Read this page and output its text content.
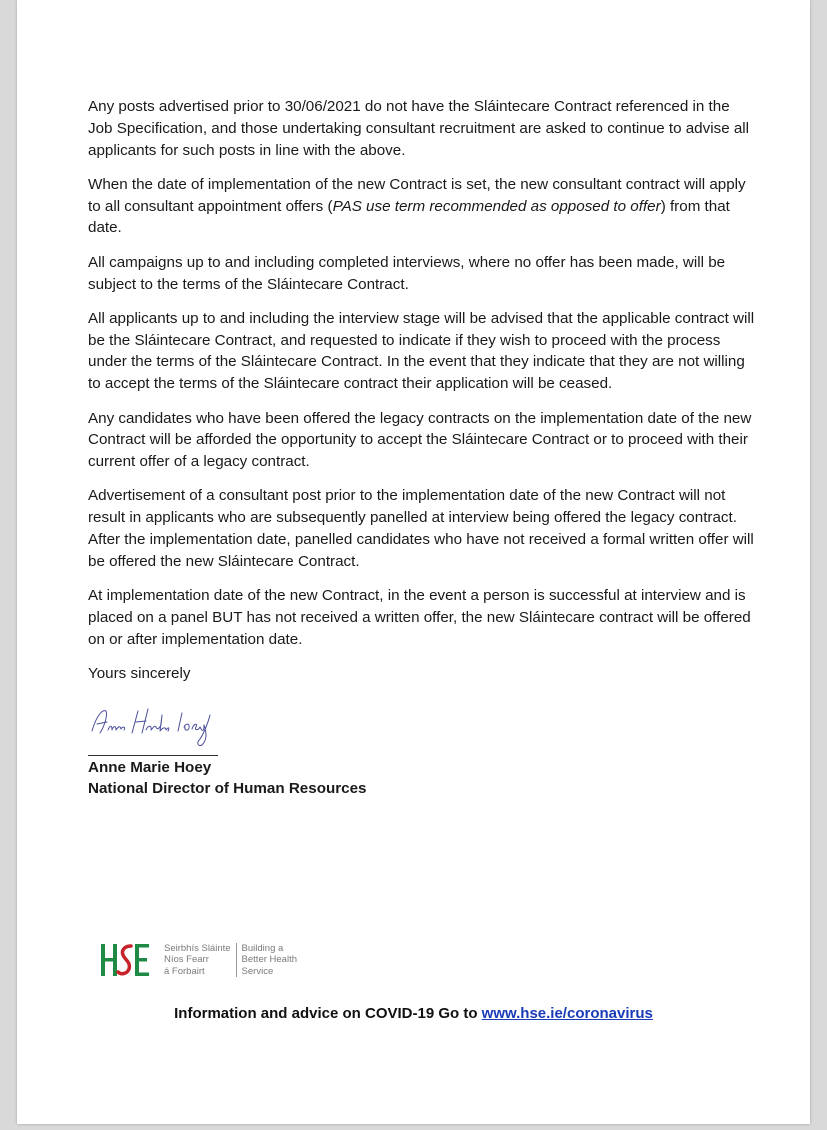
Any posts advertised prior to 30/06/2021 do not have the Sláintecare Contract referenced in the Job Specification, and those undertaking consultant recruitment are asked to continue to advise all applicants for such posts in line with the above.

When the date of implementation of the new Contract is set, the new consultant contract will apply to all consultant appointment offers (PAS use term recommended as opposed to offer) from that date.

All campaigns up to and including completed interviews, where no offer has been made, will be subject to the terms of the Sláintecare Contract.

All applicants up to and including the interview stage will be advised that the applicable contract will be the Sláintecare Contract, and requested to indicate if they wish to proceed with the process under the terms of the Sláintecare Contract. In the event that they indicate that they are not willing to accept the terms of the Sláintecare contract their application will be ceased.

Any candidates who have been offered the legacy contracts on the implementation date of the new Contract will be afforded the opportunity to accept the Sláintecare Contract or to proceed with their current offer of a legacy contract.

Advertisement of a consultant post prior to the implementation date of the new Contract will not result in applicants who are subsequently panelled at interview being offered the legacy contract. After the implementation date, panelled candidates who have not received a formal written offer will be offered the new Sláintecare Contract.

At implementation date of the new Contract, in the event a person is successful at interview and is placed on a panel BUT has not received a written offer, the new Sláintecare contract will be offered on or after implementation date.

Yours sincerely

Anne Marie Hoey
Anne Marie Hoey
National Director of Human Resources
HSE
Seirbhís Sláinte
Níos Fearr
á Forbairt
Building a
Better Health
Service
Information and advice on COVID-19 Go to www.hse.ie/coronavirus
